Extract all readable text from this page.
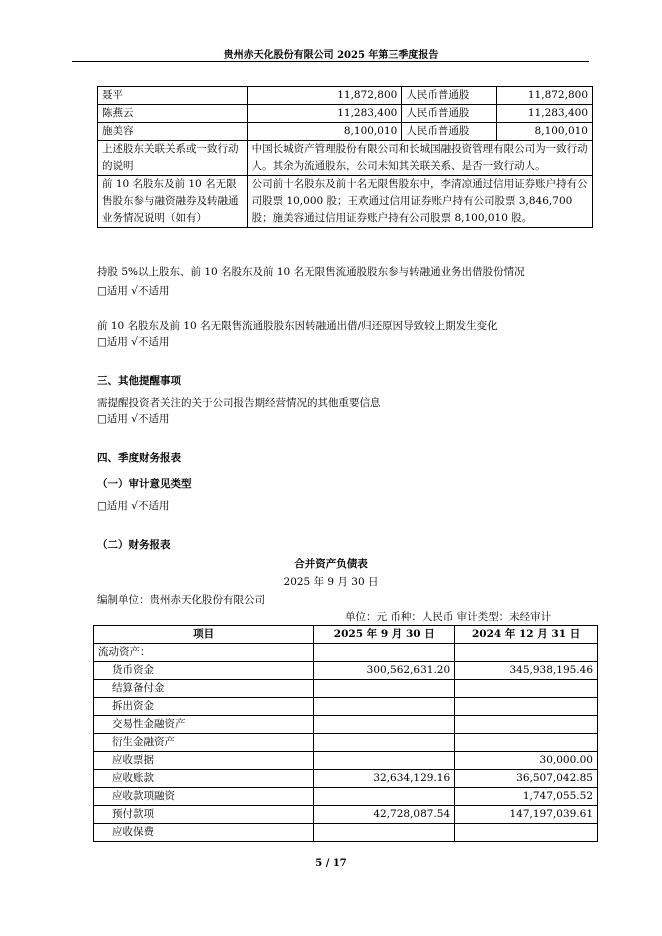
贵州赤天化股份有限公司 2025 年第三季度报告
聂平	11,872,800	人民币普通股	11,872,800
陈燕云	11,283,400	人民币普通股	11,283,400
施美容	8,100,010	人民币普通股	8,100,010
上述股东关联关系或一致行动的说明	中国长城资产管理股份有限公司和长城国融投资管理有限公司为一致行动人。其余为流通股东，公司未知其关联关系、是否一致行动人。		
前 10 名股东及前 10 名无限售股东参与融资融券及转融通业务情况说明（如有）	公司前十名股东及前十名无限售股东中，李清凉通过信用证券账户持有公司股票 10,000 股；王欢通过信用证券账户持有公司股票 3,846,700 股；施美容通过信用证券账户持有公司股票 8,100,010 股。		
持股 5%以上股东、前 10 名股东及前 10 名无限售流通股股东参与转融通业务出借股份情况
□适用 √不适用
前 10 名股东及前 10 名无限售流通股股东因转融通出借/归还原因导致较上期发生变化
□适用 √不适用
三、其他提醒事项
需提醒投资者关注的关于公司报告期经营情况的其他重要信息
□适用 √不适用
四、季度财务报表
（一）审计意见类型
□适用 √不适用
（二）财务报表
合并资产负债表
2025 年 9 月 30 日
编制单位：贵州赤天化股份有限公司
单位：元 币种：人民币 审计类型：未经审计
项目	2025 年 9 月 30 日	2024 年 12 月 31 日
流动资产：		
货币资金	300,562,631.20	345,938,195.46
结算备付金		
拆出资金		
交易性金融资产		
衍生金融资产		
应收票据		30,000.00
应收账款	32,634,129.16	36,507,042.85
应收款项融资		1,747,055.52
预付款项	42,728,087.54	147,197,039.61
应收保费		
5 / 17
